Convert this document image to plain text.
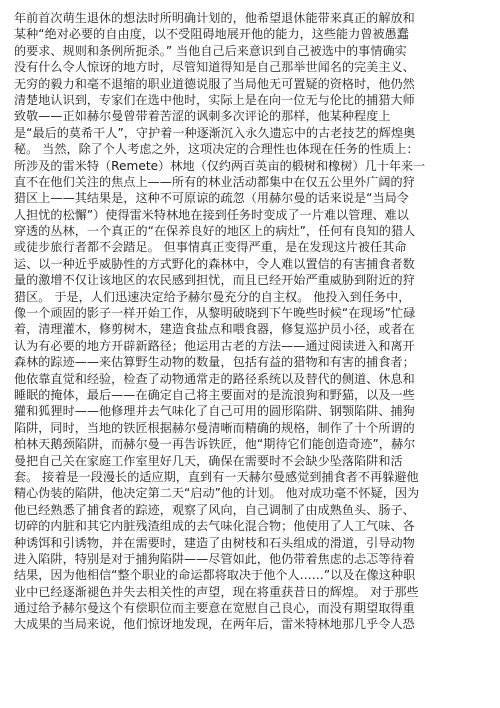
年前首次萌生退休的想法时所明确计划的，他希望退休能带来真正的解放和
某种“绝对必要的自由度，以不受阻碍地展开他的能力，这些能力曾被愚蠢
的要求、规则和条例所扼杀。” 当他自己后来意识到自己被选中的事情确实
没有什么令人惊讶的地方时，尽管知道得知是自己那举世闻名的完美主义、
无穷的毅力和毫不退缩的职业道德说服了当局他无可置疑的资格时，他仍然
清楚地认识到，专家们在选中他时，实际上是在向一位无与伦比的捕猎大师
致敬——正如赫尔曼曾带着苦涩的讽刺多次评论的那样，他某种程度上
是“最后的莫希干人”，守护着一种逐渐沉入永久遗忘中的古老技艺的辉煌奥
秘。 当然，除了个人考虑之外，这项决定的合理性也体现在任务的性质上：
所涉及的雷米特（Remete）林地（仅约两百英亩的椴树和橡树）几十年来一
直不在他们关注的焦点上——所有的林业活动都集中在仅五公里外广阔的狩
猎区上——其结果是，这种不可原谅的疏忽（用赫尔曼的话来说是“当局令
人担忧的松懈”）使得雷米特林地在接到任务时变成了一片难以管理、难以
穿透的丛林，一个真正的“在保养良好的地区上的病灶”，任何有良知的猎人
或徒步旅行者都不会踏足。 但事情真正变得严重，是在发现这片被任其命
运、以一种近乎威胁性的方式野化的森林中，令人难以置信的有害捕食者数
量的激增不仅让该地区的农民感到担忧，而且已经开始严重威胁到附近的狩
猎区。 于是，人们迅速决定给予赫尔曼充分的自主权。 他投入到任务中，
像一个顽固的影子一样开始工作，从黎明破晓到下午晚些时候“在现场”忙碌
着，清理灌木，修剪树木，建造食盐点和喂食器，修复巡护员小径，或者在
认为有必要的地方开辟新路径；他运用古老的方法——通过阅读进入和离开
森林的踪迹——来估算野生动物的数量，包括有益的猎物和有害的捕食者；
他依靠直觉和经验，检查了动物通常走的路径系统以及替代的侧道、休息和
睡眠的掩体，最后——在确定自己将主要面对的是流浪狗和野猫，以及一些
獾和狐狸时——他修理并去气味化了自己可用的圆形陷阱、钢颚陷阱、捕狗
陷阱，同时，当地的铁匠根据赫尔曼清晰而精确的规格，制作了十个所谓的
柏林天鹅颈陷阱，而赫尔曼一再告诉铁匠，他“期待它们能创造奇迹”，赫尔
曼把自己关在家庭工作室里好几天，确保在需要时不会缺少坠落陷阱和活
套。 接着是一段漫长的适应期，直到有一天赫尔曼感觉到捕食者不再躲避他
精心伪装的陷阱，他决定第二天“启动”他的计划。 他对成功毫不怀疑，因为
他已经熟悉了捕食者的踪迹，观察了风向，自己调制了由成熟鱼头、肠子、
切碎的内脏和其它内脏残渣组成的去气味化混合物；他使用了人工气味、各
种诱饵和引诱物，并在需要时，建造了由树枝和石头组成的滑道，引导动物
进入陷阱，特别是对于捕狗陷阱——尽管如此，他仍带着焦虑的忐忑等待着
结果，因为他相信“整个职业的命运都将取决于他个人……”以及在像这种职
业中已经逐渐褪色并失去相关性的声望，现在将重获昔日的辉煌。 对于那些
通过给予赫尔曼这个有偿职位而主要意在宽慰自己良心，而没有期望取得重
大成果的当局来说，他们惊讶地发现，在两年后，雷米特林地那几乎令人恐
